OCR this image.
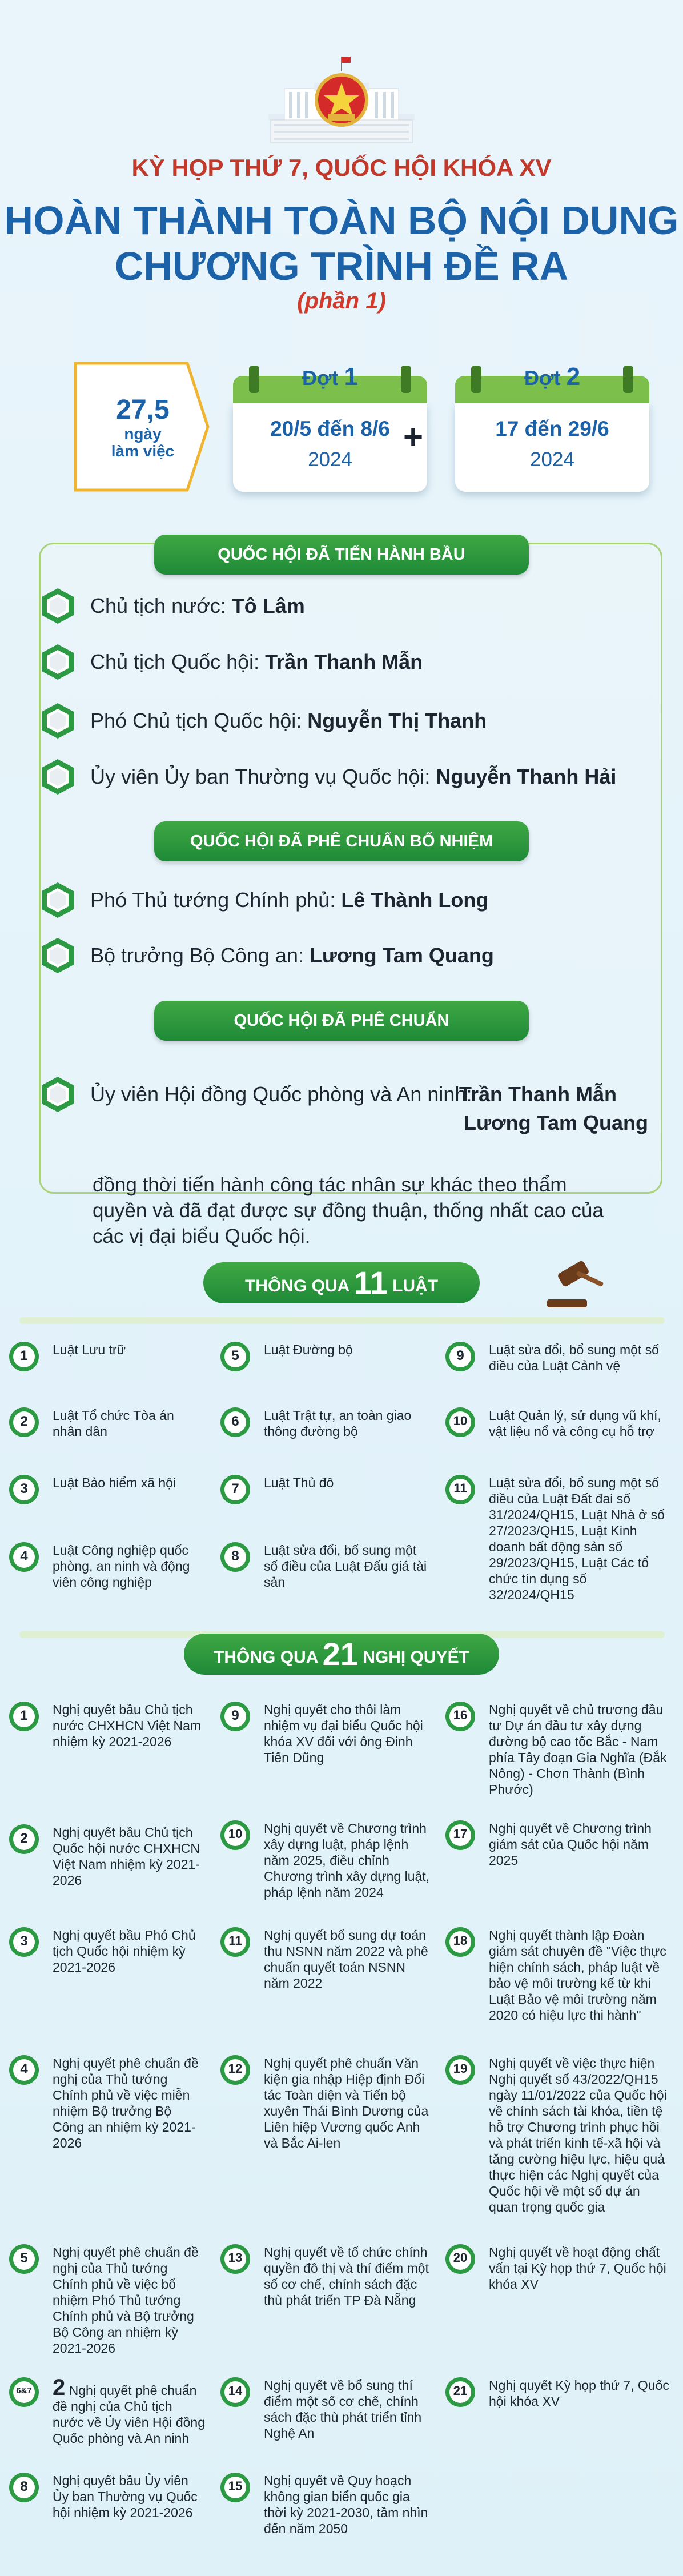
KỲ HỌP THỨ 7, QUỐC HỘI KHÓA XV
HOÀN THÀNH TOÀN BỘ NỘI DUNG
CHƯƠNG TRÌNH ĐỀ RA
(phần 1)
27,5
ngày
làm việc
Đợt 1
20/5 đến 8/6
2024
+
Đợt 2
17 đến 29/6
2024
QUỐC HỘI ĐÃ TIẾN HÀNH BẦU
Chủ tịch nước: Tô Lâm
Chủ tịch Quốc hội: Trần Thanh Mẫn
Phó Chủ tịch Quốc hội: Nguyễn Thị Thanh
Ủy viên Ủy ban Thường vụ Quốc hội: Nguyễn Thanh Hải
QUỐC HỘI ĐÃ PHÊ CHUẨN BỔ NHIỆM
Phó Thủ tướng Chính phủ: Lê Thành Long
Bộ trưởng Bộ Công an: Lương Tam Quang
QUỐC HỘI ĐÃ PHÊ CHUẨN
Ủy viên Hội đồng Quốc phòng và An ninh:
Trần Thanh Mẫn
Lương Tam Quang
đồng thời tiến hành công tác nhân sự khác theo thẩm quyền và đã đạt được sự đồng thuận, thống nhất cao của các vị đại biểu Quốc hội.
THÔNG QUA 11 LUẬT
1	Luật Lưu trữ
2	Luật Tổ chức Tòa án nhân dân
3	Luật Bảo hiểm xã hội
4	Luật Công nghiệp quốc phòng, an ninh và động viên công nghiệp
5	Luật Đường bộ
6	Luật Trật tự, an toàn giao thông đường bộ
7	Luật Thủ đô
8	Luật sửa đổi, bổ sung một số điều của Luật Đấu giá tài sản
9	Luật sửa đổi, bổ sung một số điều của Luật Cảnh vệ
10	Luật Quản lý, sử dụng vũ khí, vật liệu nổ và công cụ hỗ trợ
11	Luật sửa đổi, bổ sung một số điều của Luật Đất đai số 31/2024/QH15, Luật Nhà ở số 27/2023/QH15, Luật Kinh doanh bất động sản số 29/2023/QH15, Luật Các tổ chức tín dụng số 32/2024/QH15
THÔNG QUA 21 NGHỊ QUYẾT
1	Nghị quyết bầu Chủ tịch nước CHXHCN Việt Nam nhiệm kỳ 2021-2026
2	Nghị quyết bầu Chủ tịch Quốc hội nước CHXHCN Việt Nam nhiệm kỳ 2021-2026
3	Nghị quyết bầu Phó Chủ tịch Quốc hội nhiệm kỳ 2021-2026
4	Nghị quyết phê chuẩn đề nghị của Thủ tướng Chính phủ về việc miễn nhiệm Bộ trưởng Bộ Công an nhiệm kỳ 2021-2026
5	Nghị quyết phê chuẩn đề nghị của Thủ tướng Chính phủ về việc bổ nhiệm Phó Thủ tướng Chính phủ và Bộ trưởng Bộ Công an nhiệm kỳ 2021-2026
6&7 2 Nghị quyết phê chuẩn đề nghị của Chủ tịch nước về Ủy viên Hội đồng Quốc phòng và An ninh
8	Nghị quyết bầu Ủy viên Ủy ban Thường vụ Quốc hội nhiệm kỳ 2021-2026
9	Nghị quyết cho thôi làm nhiệm vụ đại biểu Quốc hội khóa XV đối với ông Đinh Tiến Dũng
10	Nghị quyết về Chương trình xây dựng luật, pháp lệnh năm 2025, điều chỉnh Chương trình xây dựng luật, pháp lệnh năm 2024
11	Nghị quyết bổ sung dự toán thu NSNN năm 2022 và phê chuẩn quyết toán NSNN năm 2022
12	Nghị quyết phê chuẩn Văn kiện gia nhập Hiệp định Đối tác Toàn diện và Tiến bộ xuyên Thái Bình Dương của Liên hiệp Vương quốc Anh và Bắc Ai-len
13	Nghị quyết về tổ chức chính quyền đô thị và thí điểm một số cơ chế, chính sách đặc thù phát triển TP Đà Nẵng
14	Nghị quyết về bổ sung thí điểm một số cơ chế, chính sách đặc thù phát triển tỉnh Nghệ An
15	Nghị quyết về Quy hoạch không gian biển quốc gia thời kỳ 2021-2030, tầm nhìn đến năm 2050
16	Nghị quyết về chủ trương đầu tư Dự án đầu tư xây dựng đường bộ cao tốc Bắc - Nam phía Tây đoạn Gia Nghĩa (Đắk Nông) - Chơn Thành (Bình Phước)
17	Nghị quyết về Chương trình giám sát của Quốc hội năm 2025
18	Nghị quyết thành lập Đoàn giám sát chuyên đề "Việc thực hiện chính sách, pháp luật về bảo vệ môi trường kể từ khi Luật Bảo vệ môi trường năm 2020 có hiệu lực thi hành"
19	Nghị quyết về việc thực hiện Nghị quyết số 43/2022/QH15 ngày 11/01/2022 của Quốc hội về chính sách tài khóa, tiền tệ hỗ trợ Chương trình phục hồi và phát triển kinh tế-xã hội và tăng cường hiệu lực, hiệu quả thực hiện các Nghị quyết của Quốc hội về một số dự án quan trọng quốc gia
20	Nghị quyết về hoạt động chất vấn tại Kỳ họp thứ 7, Quốc hội khóa XV
21	Nghị quyết Kỳ họp thứ 7, Quốc hội khóa XV
